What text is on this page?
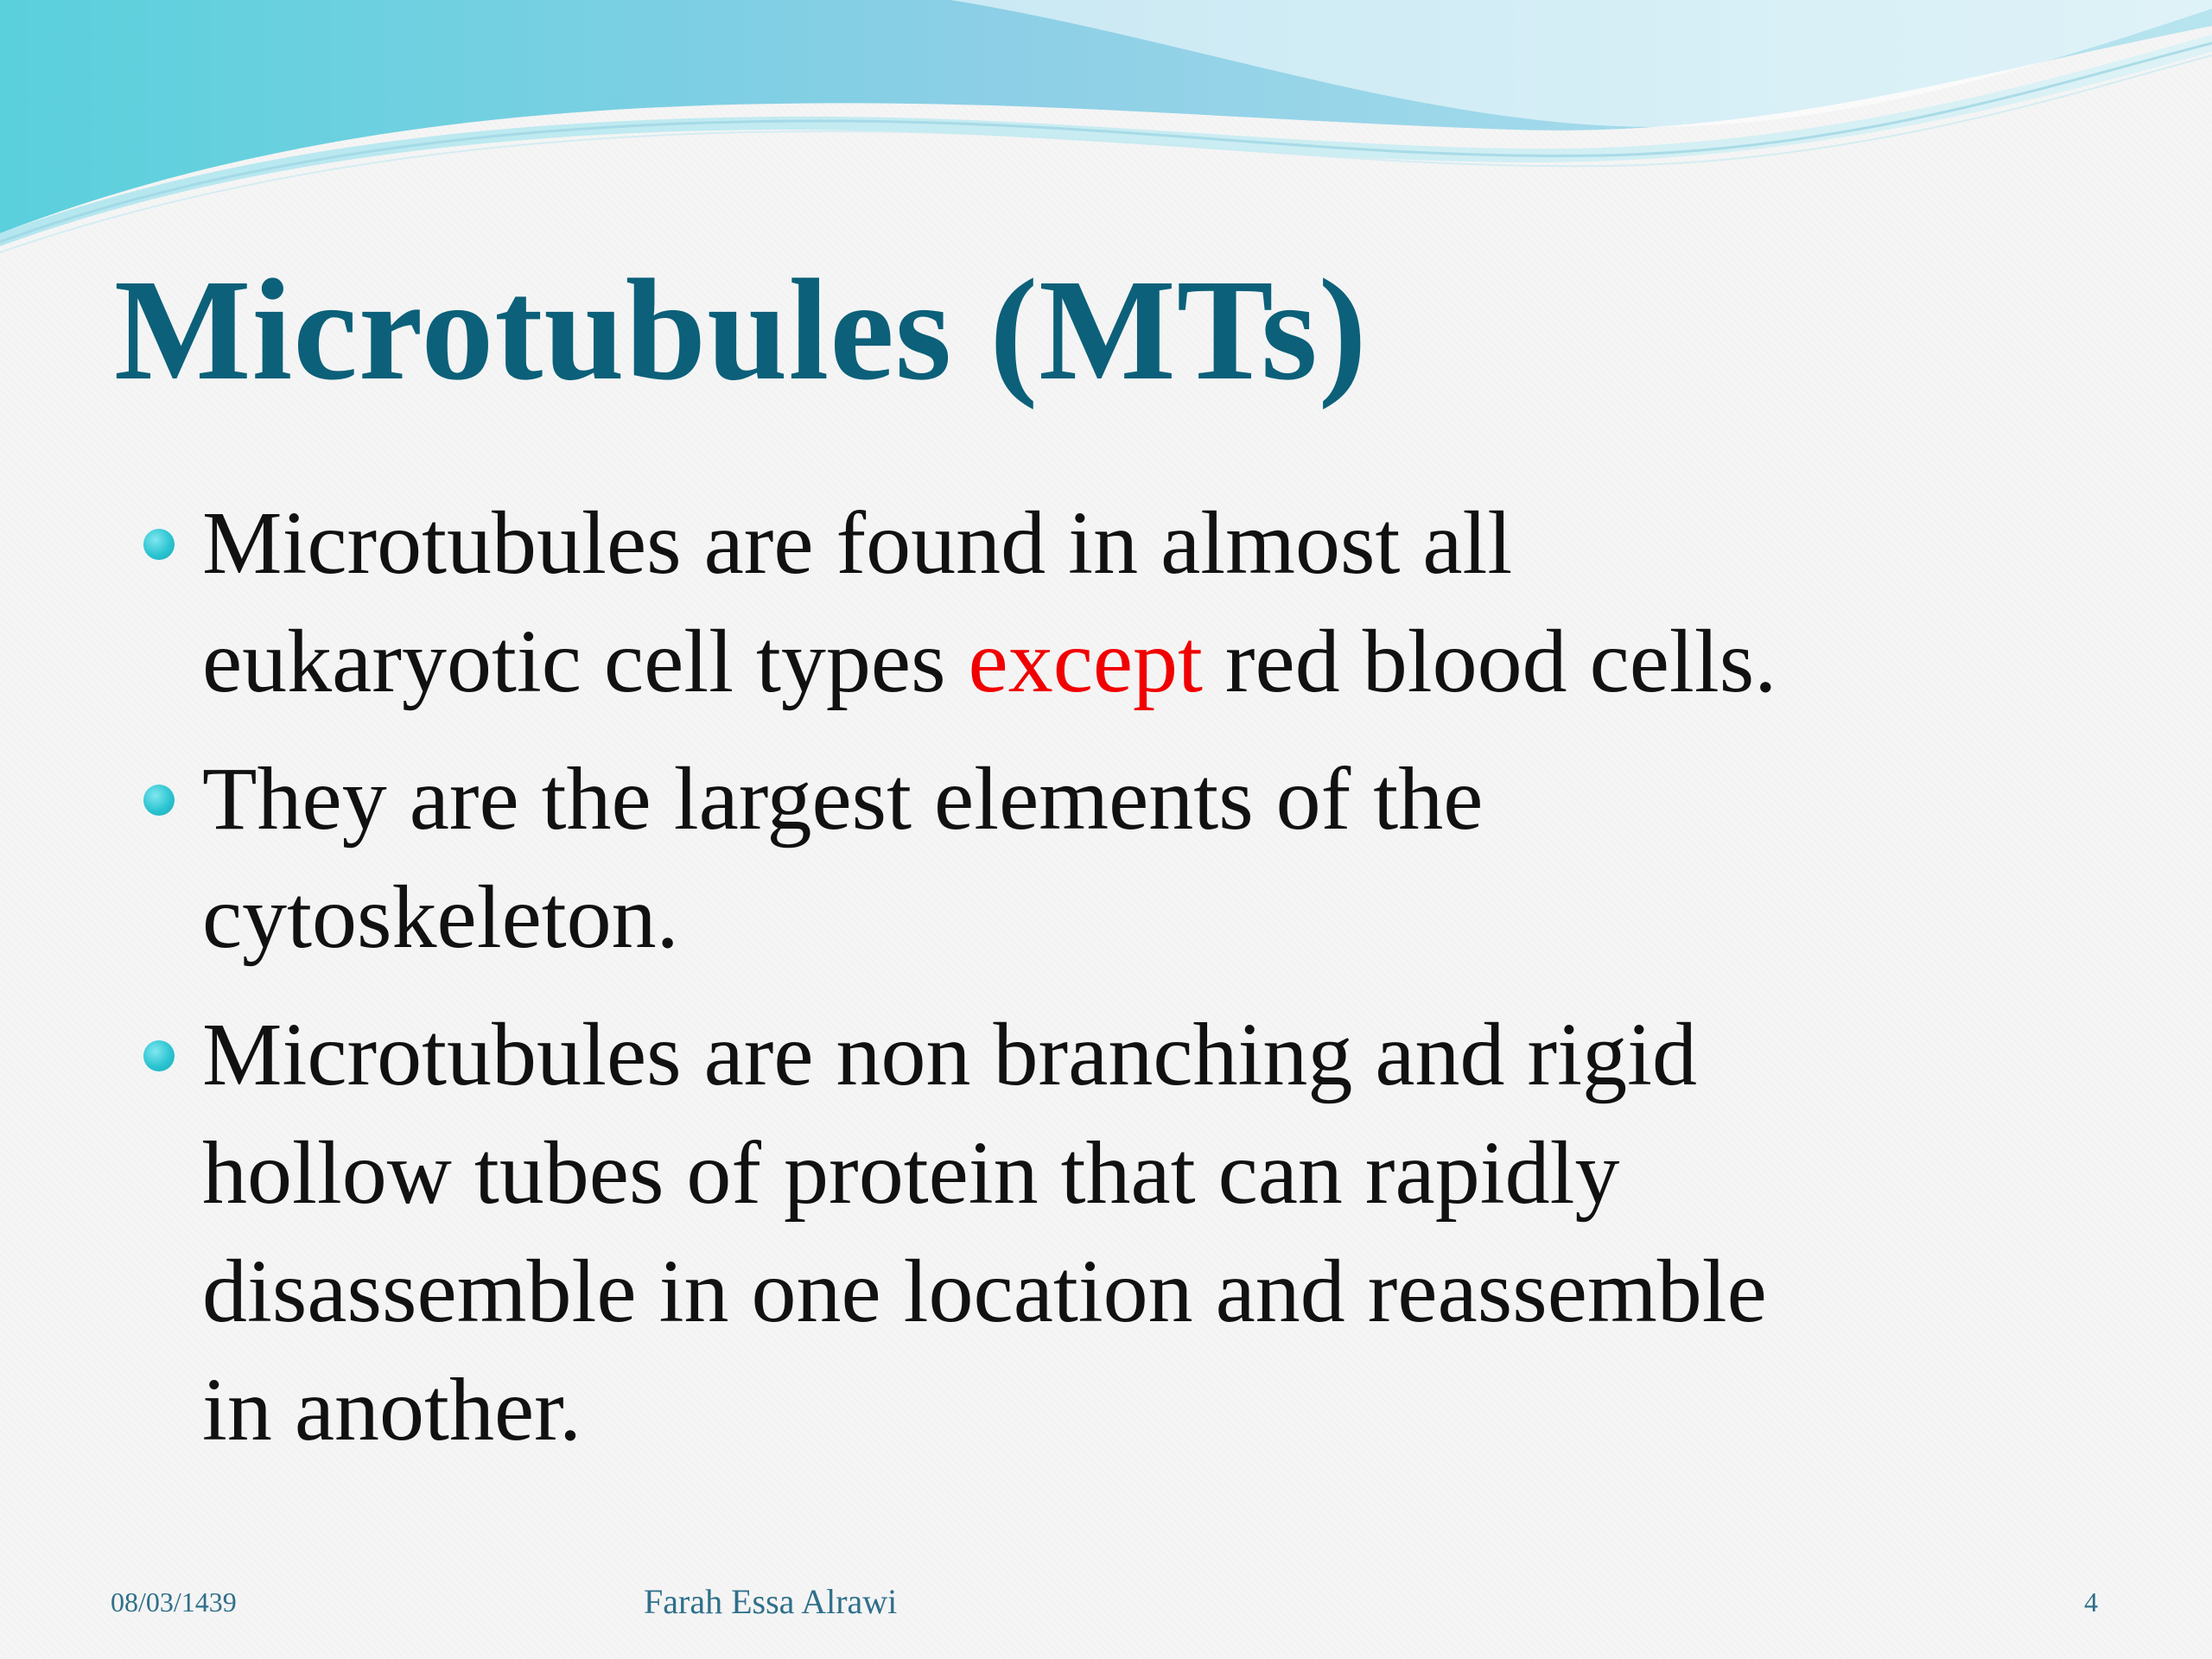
Microtubules (MTs)
Microtubules are found in almost all
eukaryotic cell types except red blood cells.
They are the largest elements of the
cytoskeleton.
Microtubules are non branching and rigid
hollow tubes of protein that can rapidly
disassemble in one location and reassemble
in another.
08/03/1439	Farah Essa Alrawi	4
